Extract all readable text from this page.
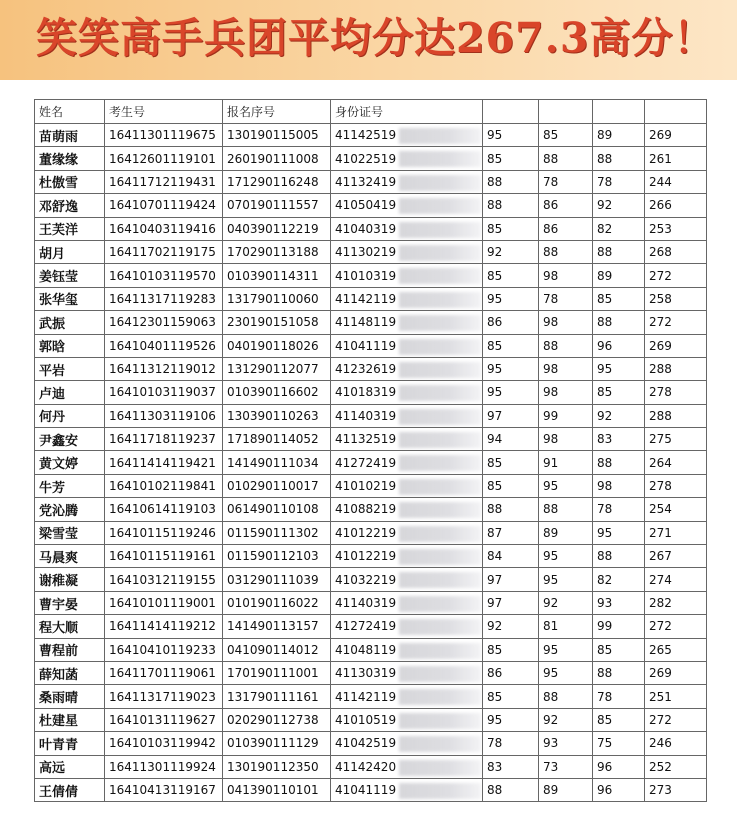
笑笑高手兵团平均分达267.3高分！
姓名	考生号	报名序号	身份证号				
苗萌雨	16411301119675	130190115005	41142519	95	85	89	269
董缘缘	16412601119101	260190111008	41022519	85	88	88	261
杜傲雪	16411712119431	171290116248	41132419	88	78	78	244
邓舒逸	16410701119424	070190111557	41050419	88	86	92	266
王芙洋	16410403119416	040390112219	41040319	85	86	82	253
胡月	16411702119175	170290113188	41130219	92	88	88	268
姜钰莹	16410103119570	010390114311	41010319	85	98	89	272
张华玺	16411317119283	131790110060	41142119	95	78	85	258
武振	16412301159063	230190151058	41148119	86	98	88	272
郭晗	16410401119526	040190118026	41041119	85	88	96	269
平岩	16411312119012	131290112077	41232619	95	98	95	288
卢迪	16410103119037	010390116602	41018319	95	98	85	278
何丹	16411303119106	130390110263	41140319	97	99	92	288
尹鑫安	16411718119237	171890114052	41132519	94	98	83	275
黄文婷	16411414119421	141490111034	41272419	85	91	88	264
牛芳	16410102119841	010290110017	41010219	85	95	98	278
党沁腾	16410614119103	061490110108	41088219	88	88	78	254
梁雪莹	16410115119246	011590111302	41012219	87	89	95	271
马晨爽	16410115119161	011590112103	41012219	84	95	88	267
谢稚凝	16410312119155	031290111039	41032219	97	95	82	274
曹宇晏	16410101119001	010190116022	41140319	97	92	93	282
程大顺	16411414119212	141490113157	41272419	92	81	99	272
曹程前	16410410119233	041090114012	41048119	85	95	85	265
薛知菡	16411701119061	170190111001	41130319	86	95	88	269
桑雨晴	16411317119023	131790111161	41142119	85	88	78	251
杜建星	16410131119627	020290112738	41010519	95	92	85	272
叶青青	16410103119942	010390111129	41042519	78	93	75	246
高远	16411301119924	130190112350	41142420	83	73	96	252
王倩倩	16410413119167	041390110101	41041119	88	89	96	273
